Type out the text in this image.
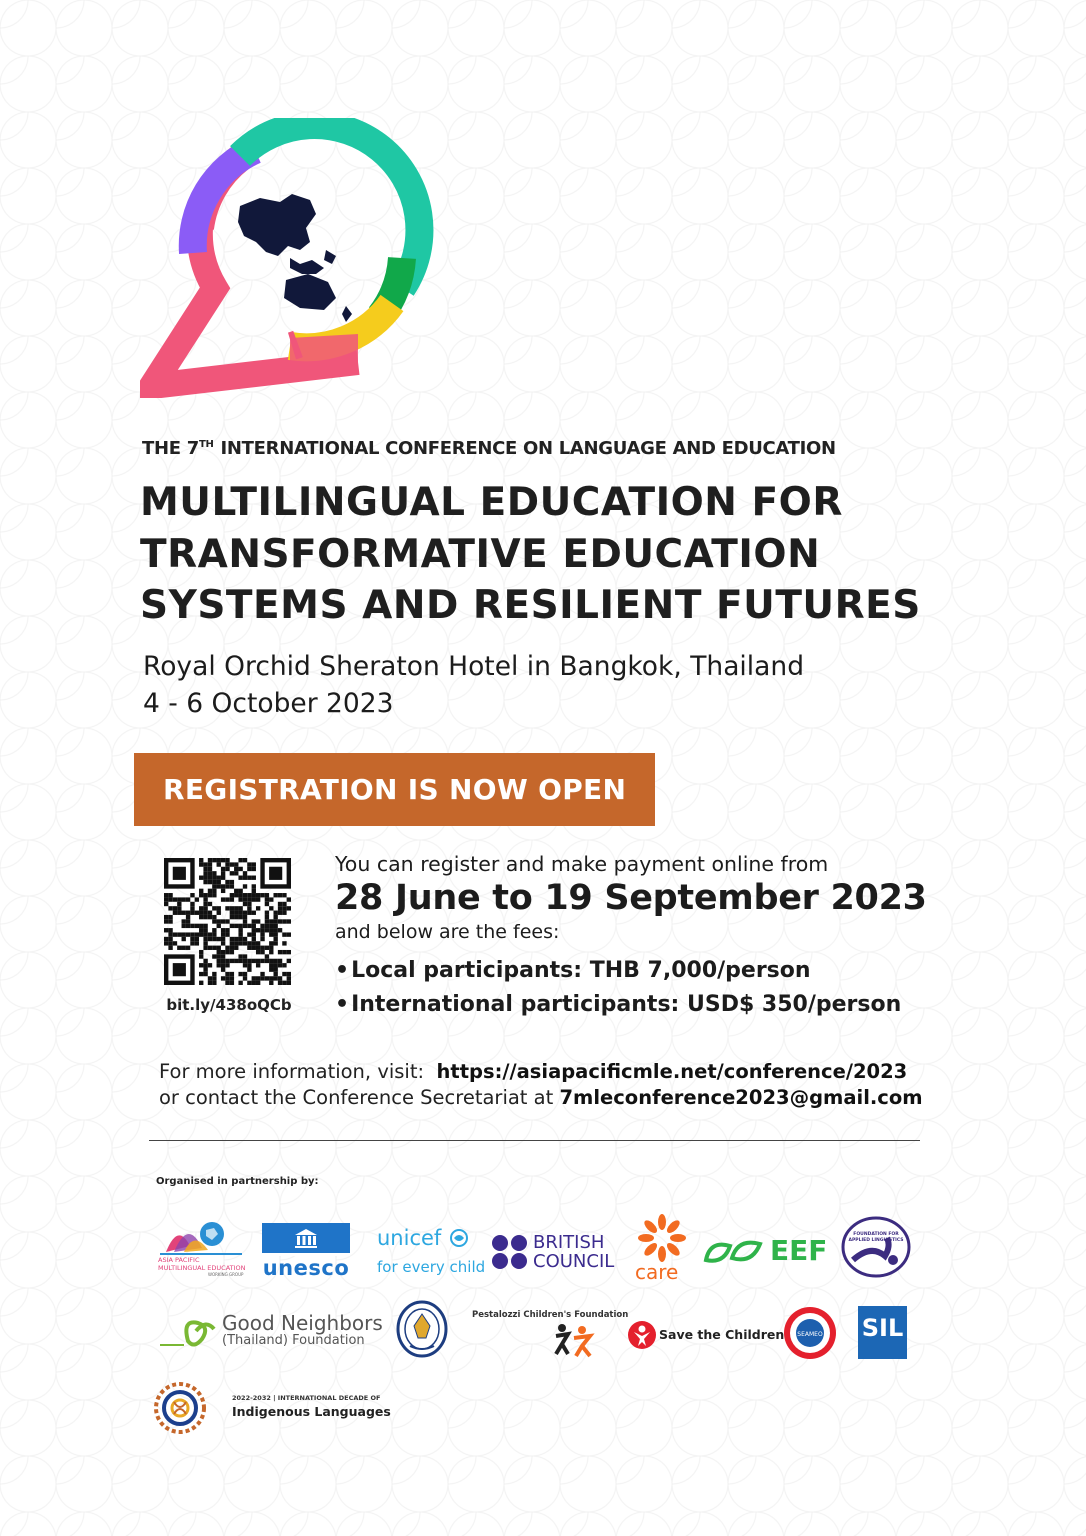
THE 7TH INTERNATIONAL CONFERENCE ON LANGUAGE AND EDUCATION
MULTILINGUAL EDUCATION FOR
TRANSFORMATIVE EDUCATION
SYSTEMS AND RESILIENT FUTURES
Royal Orchid Sheraton Hotel in Bangkok, Thailand
4 - 6 October 2023
REGISTRATION IS NOW OPEN
bit.ly/438oQCb
You can register and make payment online from
28 June to 19 September 2023
and below are the fees:
• Local participants: THB 7,000/person
• International participants: USD$ 350/person
For more information, visit: https://asiapacificmle.net/conference/2023
or contact the Conference Secretariat at 7mleconference2023@gmail.com
Organised in partnership by:
ASIA PACIFIC
MULTILINGUAL EDUCATION
WORKING GROUP unesco
unicef
for every child
BRITISH
COUNCIL care
EEF	FOUNDATION FOR
APPLIED LINGUISTICS
Good Neighbors
(Thailand) Foundation
Pestalozzi Children's Foundation
Save the Children SEAMEO SIL
2022-2032 | INTERNATIONAL DECADE OF
Indigenous Languages
